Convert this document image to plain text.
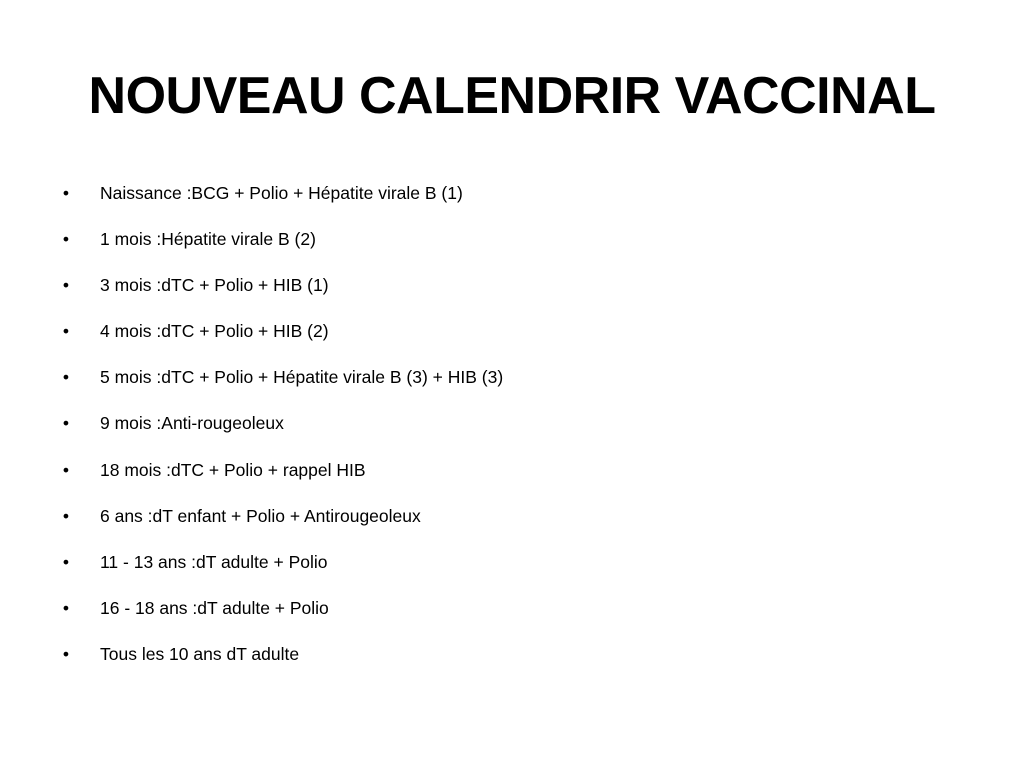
NOUVEAU CALENDRIR VACCINAL
• Naissance :BCG + Polio + Hépatite virale B (1)
• 1 mois :Hépatite virale B (2)
• 3 mois :dTC + Polio + HIB (1)
• 4 mois :dTC + Polio + HIB (2)
• 5 mois :dTC + Polio + Hépatite virale B (3) + HIB (3)
• 9 mois :Anti-rougeoleux
• 18 mois :dTC + Polio + rappel HIB
• 6 ans :dT enfant + Polio + Antirougeoleux
• 11 - 13 ans :dT adulte + Polio
• 16 - 18 ans :dT adulte + Polio
• Tous les 10 ans dT adulte
